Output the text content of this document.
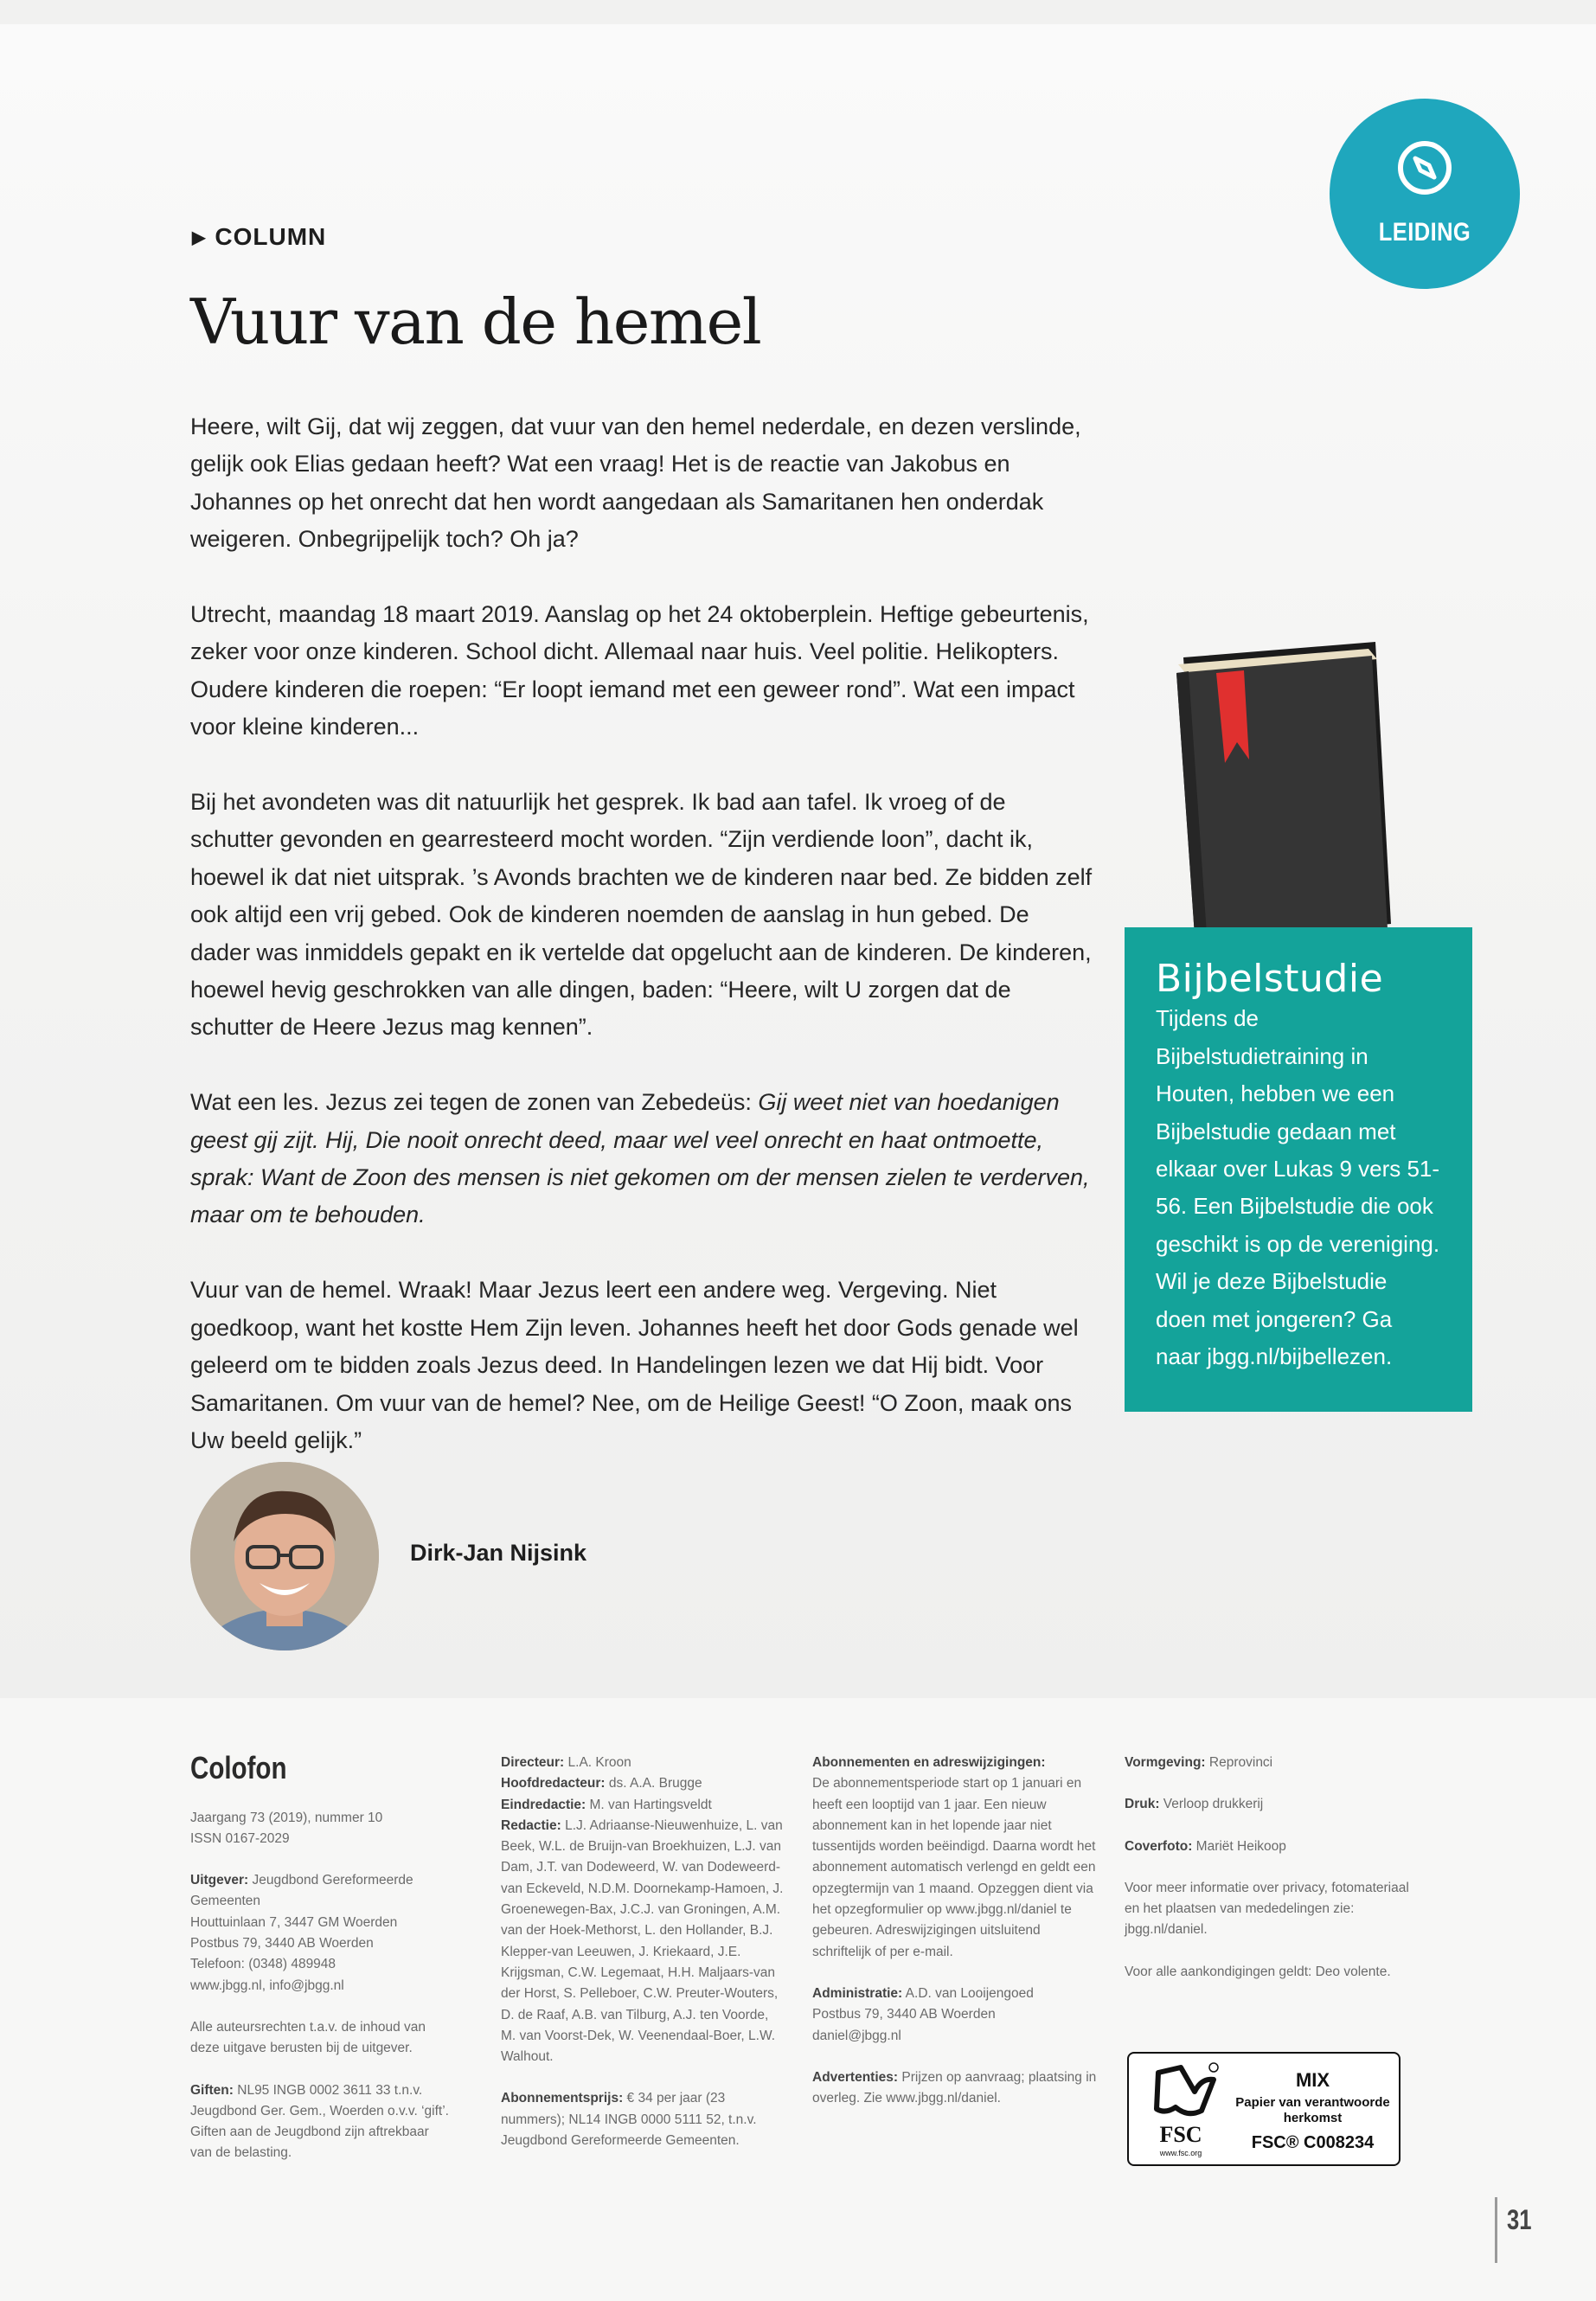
LEIDING
▶ COLUMN
Vuur van de hemel

Heere, wilt Gij, dat wij zeggen, dat vuur van den hemel nederdale, en dezen verslinde, gelijk ook Elias gedaan heeft? Wat een vraag! Het is de reactie van Jakobus en Johannes op het onrecht dat hen wordt aangedaan als Samaritanen hen onderdak weigeren. Onbegrijpelijk toch? Oh ja?

Utrecht, maandag 18 maart 2019. Aanslag op het 24 oktoberplein. Heftige gebeurtenis, zeker voor onze kinderen. School dicht. Allemaal naar huis. Veel politie. Helikopters. Oudere kinderen die roepen: “Er loopt iemand met een geweer rond”. Wat een impact voor kleine kinderen...

Bij het avondeten was dit natuurlijk het gesprek. Ik bad aan tafel. Ik vroeg of de schutter gevonden en gearresteerd mocht worden. “Zijn verdiende loon”, dacht ik, hoewel ik dat niet uitsprak. ’s Avonds brachten we de kinderen naar bed. Ze bidden zelf ook altijd een vrij gebed. Ook de kinderen noemden de aanslag in hun gebed. De dader was inmiddels gepakt en ik vertelde dat opgelucht aan de kinderen. De kinderen, hoewel hevig geschrokken van alle dingen, baden: “Heere, wilt U zorgen dat de schutter de Heere Jezus mag kennen”.

Wat een les. Jezus zei tegen de zonen van Zebedeüs: Gij weet niet van hoedanigen geest gij zijt. Hij, Die nooit onrecht deed, maar wel veel onrecht en haat ontmoette, sprak: Want de Zoon des mensen is niet gekomen om der mensen zielen te verderven, maar om te behouden.

Vuur van de hemel. Wraak! Maar Jezus leert een andere weg. Vergeving. Niet goedkoop, want het kostte Hem Zijn leven. Johannes heeft het door Gods genade wel geleerd om te bidden zoals Jezus deed. In Handelingen lezen we dat Hij bidt. Voor Samaritanen. Om vuur van de hemel? Nee, om de Heilige Geest! “O Zoon, maak ons Uw beeld gelijk.”

Bijbelstudie

Tijdens de Bijbelstudietraining in Houten, hebben we een Bijbelstudie gedaan met elkaar over Lukas 9 vers 51-56. Een Bijbelstudie die ook geschikt is op de vereniging. Wil je deze Bijbelstudie doen met jongeren? Ga naar jbgg.nl/bijbellezen.

Dirk-Jan Nijsink
Colofon

Jaargang 73 (2019), nummer 10
ISSN 0167-2029

Uitgever: Jeugdbond Gereformeerde Gemeenten
Houttuinlaan 7, 3447 GM Woerden
Postbus 79, 3440 AB Woerden
Telefoon: (0348) 489948
www.jbgg.nl, info@jbgg.nl

Alle auteursrechten t.a.v. de inhoud van deze uitgave berusten bij de uitgever.

Giften: NL95 INGB 0002 3611 33 t.n.v. Jeugdbond Ger. Gem., Woerden o.v.v. ‘gift’. Giften aan de Jeugdbond zijn aftrekbaar van de belasting.

Directeur: L.A. Kroon

Hoofdredacteur: ds. A.A. Brugge

Eindredactie: M. van Hartingsveldt

Redactie: L.J. Adriaanse-Nieuwenhuize, L. van Beek, W.L. de Bruijn-van Broekhuizen, L.J. van Dam, J.T. van Dodeweerd, W. van Dodeweerd-van Eckeveld, N.D.M. Doornekamp-Hamoen, J. Groenewegen-Bax, J.C.J. van Groningen, A.M. van der Hoek-Methorst, L. den Hollander, B.J. Klepper-van Leeuwen, J. Kriekaard, J.E. Krijgsman, C.W. Legemaat, H.H. Maljaars-van der Horst, S. Pelleboer, C.W. Preuter-Wouters, D. de Raaf, A.B. van Tilburg, A.J. ten Voorde, M. van Voorst-Dek, W. Veenendaal-Boer, L.W. Walhout.

Abonnementsprijs: € 34 per jaar (23 nummers); NL14 INGB 0000 5111 52, t.n.v. Jeugdbond Gereformeerde Gemeenten.

Abonnementen en adreswijzigingen:
De abonnementsperiode start op 1 januari en heeft een looptijd van 1 jaar. Een nieuw abonnement kan in het lopende jaar niet tussentijds worden beëindigd. Daarna wordt het abonnement automatisch verlengd en geldt een opzegtermijn van 1 maand. Opzeggen dient via het opzegformulier op www.jbgg.nl/daniel te gebeuren. Adreswijzigingen uitsluitend schriftelijk of per e-mail.

Administratie: A.D. van Looijengoed
Postbus 79, 3440 AB Woerden
daniel@jbgg.nl

Advertenties: Prijzen op aanvraag; plaatsing in overleg. Zie www.jbgg.nl/daniel.

Vormgeving: Reprovinci

Druk: Verloop drukkerij

Coverfoto: Mariët Heikoop

Voor meer informatie over privacy, fotomateriaal en het plaatsen van mededelingen zie: jbgg.nl/daniel.

Voor alle aankondigingen geldt: Deo volente.

FSC
www.fsc.org
MIX
Papier van verantwoorde herkomst
FSC® C008234
31
